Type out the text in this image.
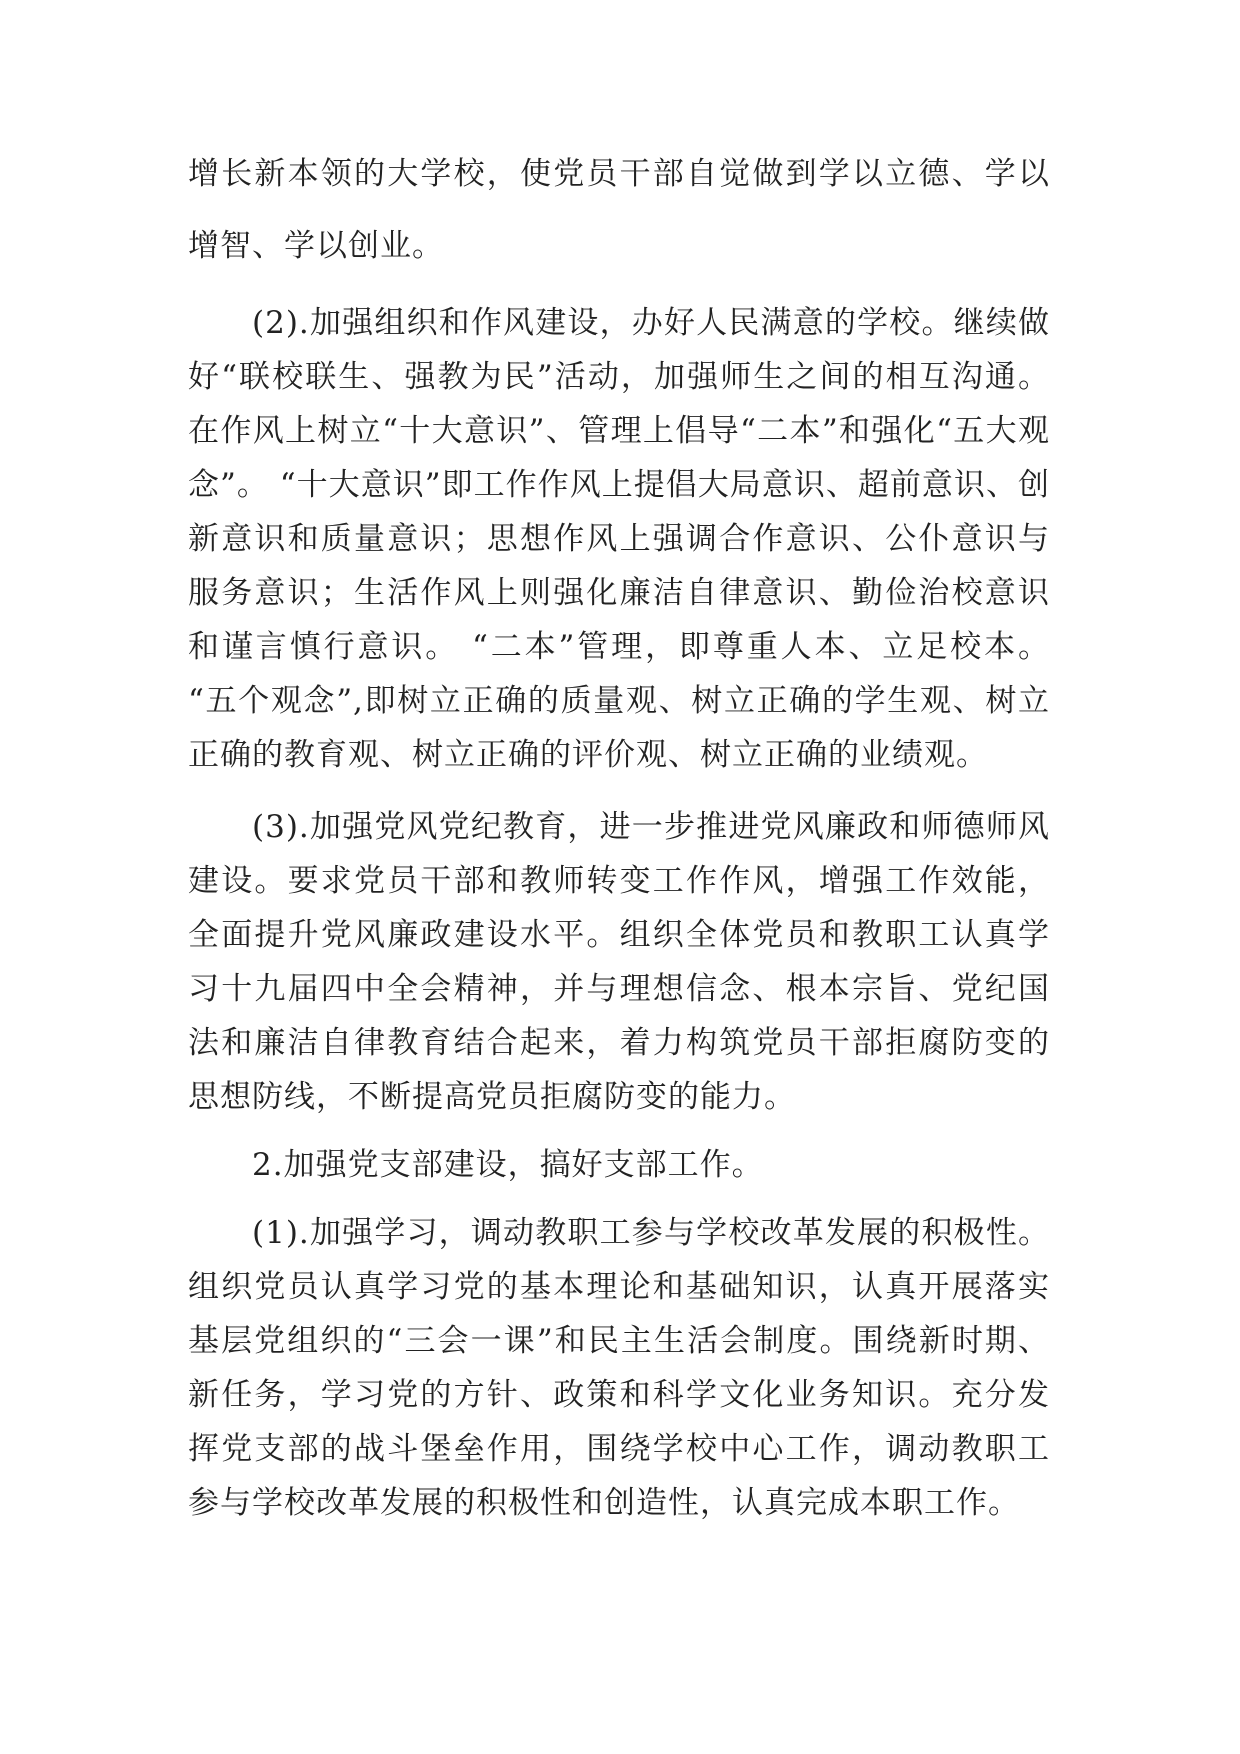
增长新本领的大学校，使党员干部自觉做到学以立德、学以增智、学以创业。

(2).加强组织和作风建设，办好人民满意的学校。继续做好“联校联生、强教为民”活动，加强师生之间的相互沟通。在作风上树立“十大意识”、管理上倡导“二本”和强化“五大观念”。 “十大意识”即工作作风上提倡大局意识、超前意识、创新意识和质量意识；思想作风上强调合作意识、公仆意识与服务意识；生活作风上则强化廉洁自律意识、勤俭治校意识和谨言慎行意识。 “二本”管理，即尊重人本、立足校本。 “五个观念”,即树立正确的质量观、树立正确的学生观、树立正确的教育观、树立正确的评价观、树立正确的业绩观。

(3).加强党风党纪教育，进一步推进党风廉政和师德师风建设。要求党员干部和教师转变工作作风，增强工作效能，全面提升党风廉政建设水平。组织全体党员和教职工认真学习十九届四中全会精神，并与理想信念、根本宗旨、党纪国法和廉洁自律教育结合起来，着力构筑党员干部拒腐防变的思想防线，不断提高党员拒腐防变的能力。

2.加强党支部建设，搞好支部工作。

(1).加强学习，调动教职工参与学校改革发展的积极性。组织党员认真学习党的基本理论和基础知识，认真开展落实基层党组织的“三会一课”和民主生活会制度。围绕新时期、新任务，学习党的方针、政策和科学文化业务知识。充分发挥党支部的战斗堡垒作用，围绕学校中心工作，调动教职工参与学校改革发展的积极性和创造性，认真完成本职工作。
